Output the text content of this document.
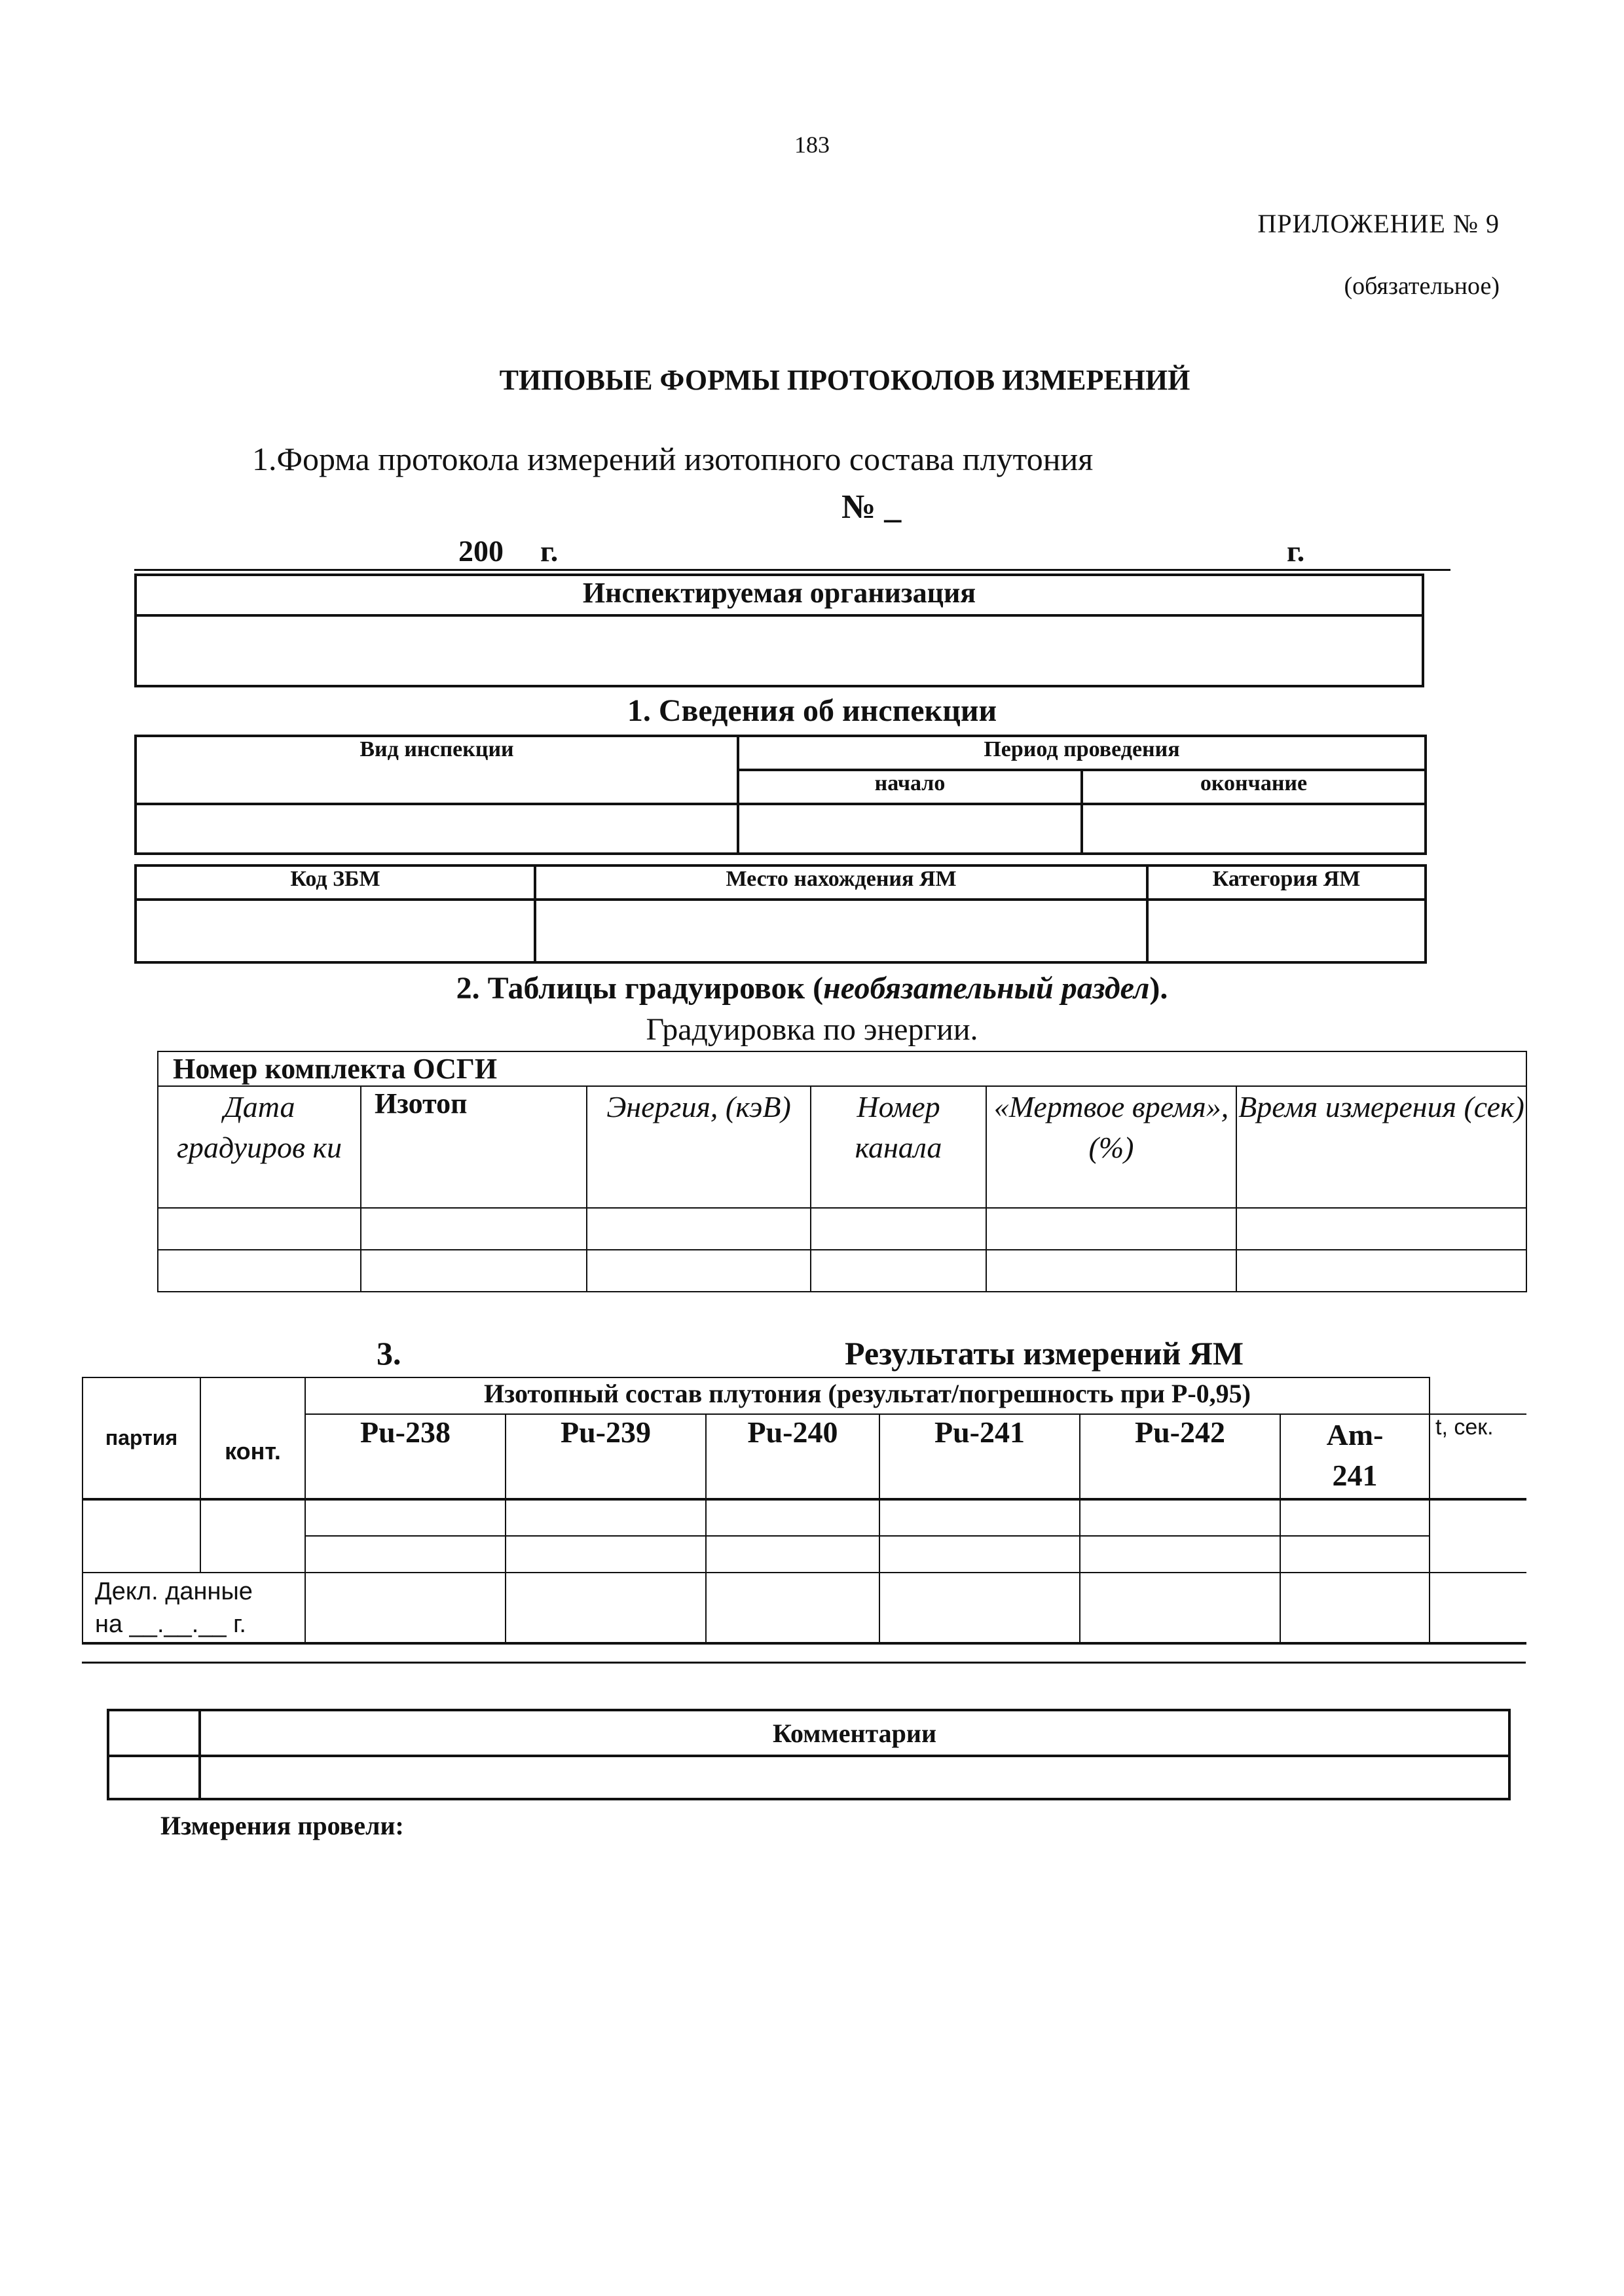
183
ПРИЛОЖЕНИЕ № 9
(обязательное)
ТИПОВЫЕ ФОРМЫ ПРОТОКОЛОВ ИЗМЕРЕНИЙ
1.Форма протокола измерений изотопного состава плутония
№ _
200 г.	г.
Инспектируемая организация

1. Сведения об инспекции
Вид инспекции	Период проведения	
	начало	окончание

Код ЗБМ	Место нахождения ЯМ	Категория ЯМ

2. Таблицы градуировок (необязательный раздел).
Градуировка по энергии.
Номер комплекта ОСГИ					
Дата градуиров ки	Изотоп	Энергия, (кэВ)	Номер канала	«Мертвое время», (%)	Время измерения (сек)

3.	Результаты измерений ЯМ
партия	конт.	Изотопный состав плутония (результат/погрешность при Р-0,95)						
		Pu-238	Pu-239	Pu-240	Pu-241	Pu-242	Am-241	t, сек.

Декл. данные
на __.__.__ г.								

	Комментарии

Измерения провели:
